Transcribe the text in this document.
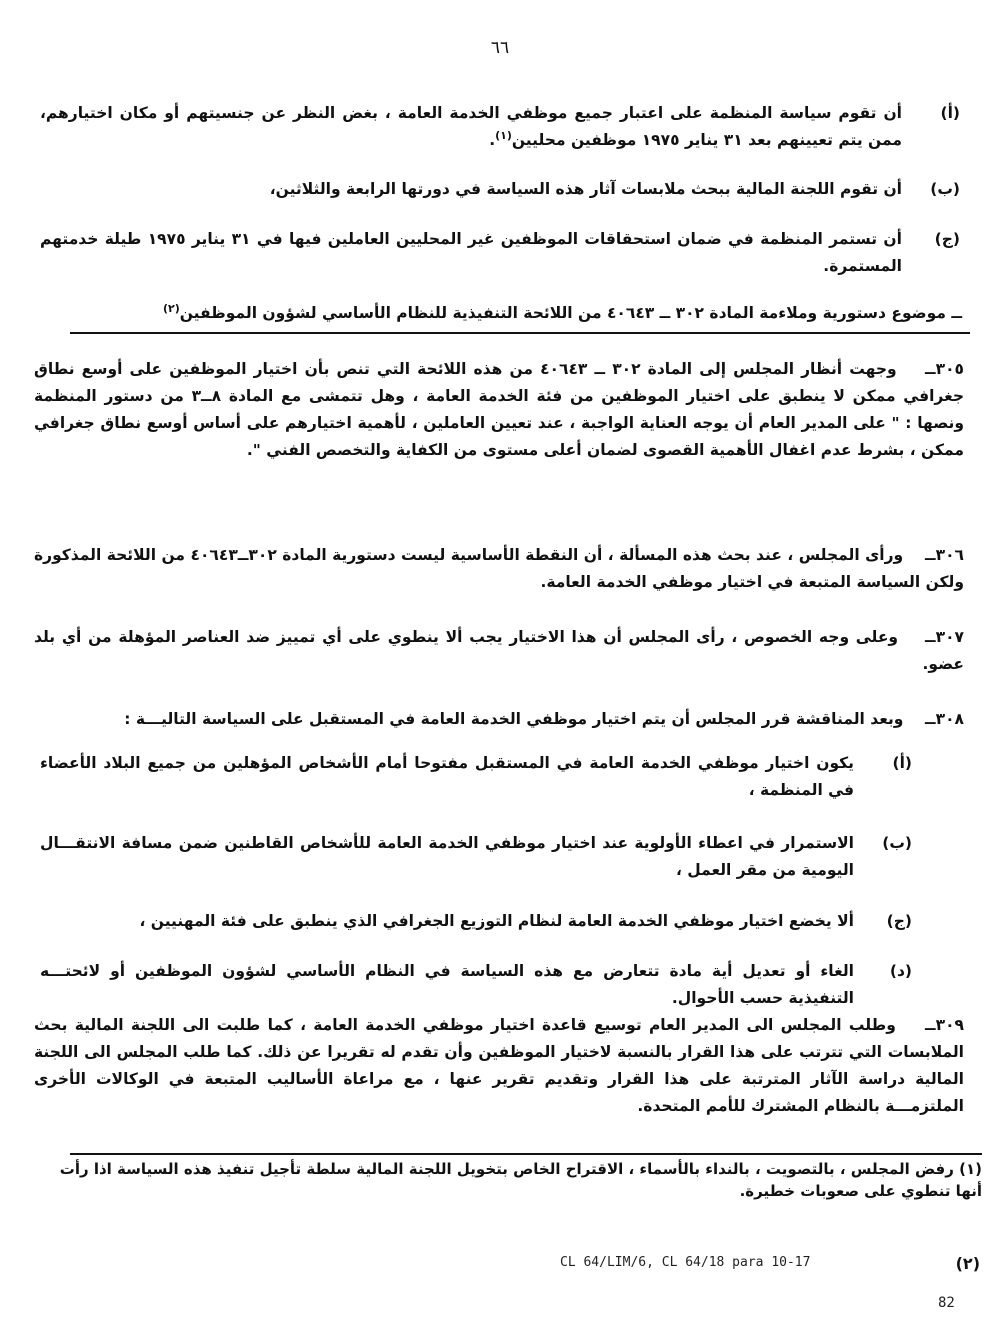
٦٦
(أ)
أن تقوم سياسة المنظمة على اعتبار جميع موظفي الخدمة العامة ، بغض النظر عن جنسيتهم أو مكان اختيارهم، ممن يتم تعيينهم بعد ٣١ يناير ١٩٧٥ موظفين محليين$^{(١)}$.
(ب)
أن تقوم اللجنة المالية ببحث ملابسات آثار هذه السياسة في دورتها الرابعة والثلاثين،
(ج)
أن تستمر المنظمة في ضمان استحقاقات الموظفين غير المحليين العاملين فيها في ٣١ يناير ١٩٧٥ طيلة خدمتهم المستمرة.
ــ موضوع دستورية وملاءمة المادة ٣٠٢ ــ ٤٠٦٤٣ من اللائحة التنفيذية للنظام الأساسي لشؤون الموظفين$^{(٢)}$
٣٠٥ــ    وجهت أنظار المجلس إلى المادة ٣٠٢ ــ ٤٠٦٤٣ من هذه اللائحة التي تنص بأن اختيار الموظفين على أوسع نطاق جغرافي ممكن لا ينطبق على اختيار الموظفين من فئة الخدمة العامة ، وهل تتمشى مع المادة ٨ــ٣ من دستور المنظمة ونصها : " على المدير العام أن يوجه العناية الواجبة ، عند تعيين العاملين ، لأهمية اختيارهم على أساس أوسع نطاق جغرافي ممكن ، بشرط عدم اغفال الأهمية القصوى لضمان أعلى مستوى من الكفاية والتخصص الفني ".
٣٠٦ــ    ورأى المجلس ، عند بحث هذه المسألة ، أن النقطة الأساسية ليست دستورية المادة ٣٠٢ــ٤٠٦٤٣ من اللائحة المذكورة ولكن السياسة المتبعة في اختيار موظفي الخدمة العامة.
٣٠٧ــ    وعلى وجه الخصوص ، رأى المجلس أن هذا الاختيار يجب ألا ينطوي على أي تمييز ضد العناصر المؤهلة من أي بلد عضو.
٣٠٨ــ    وبعد المناقشة قرر المجلس أن يتم اختيار موظفي الخدمة العامة في المستقبل على السياسة التاليـــة :
(أ)
يكون اختيار موظفي الخدمة العامة في المستقبل مفتوحا أمام الأشخاص المؤهلين من جميع البلاد الأعضاء في المنظمة ،
(ب)
الاستمرار في اعطاء الأولوية عند اختيار موظفي الخدمة العامة للأشخاص القاطنين ضمن مسافة الانتقـــال اليومية من مقر العمل ،
(ج)
ألا يخضع اختيار موظفي الخدمة العامة لنظام التوزيع الجغرافي الذي ينطبق على فئة المهنيين ،
(د)
الغاء أو تعديل أية مادة تتعارض مع هذه السياسة في النظام الأساسي لشؤون الموظفين أو لائحتـــه التنفيذية حسب الأحوال.
٣٠٩ــ    وطلب المجلس الى المدير العام توسيع قاعدة اختيار موظفي الخدمة العامة ، كما طلبت الى اللجنة المالية بحث الملابسات التي تترتب على هذا القرار بالنسبة لاختيار الموظفين وأن تقدم له تقريرا عن ذلك. كما طلب المجلس الى اللجنة المالية دراسة الآثار المترتبة على هذا القرار وتقديم تقرير عنها ، مع مراعاة الأساليب المتبعة في الوكالات الأخرى الملتزمـــة بالنظام المشترك للأمم المتحدة.
(١) رفض المجلس ، بالتصويت ، بالنداء بالأسماء ، الاقتراح الخاص بتخويل اللجنة المالية سلطة تأجيل تنفيذ هذه السياسة اذا رأت أنها تنطوي على صعوبات خطيرة.
(٢)
CL 64/LIM/6, CL 64/18 para 10-17
82
